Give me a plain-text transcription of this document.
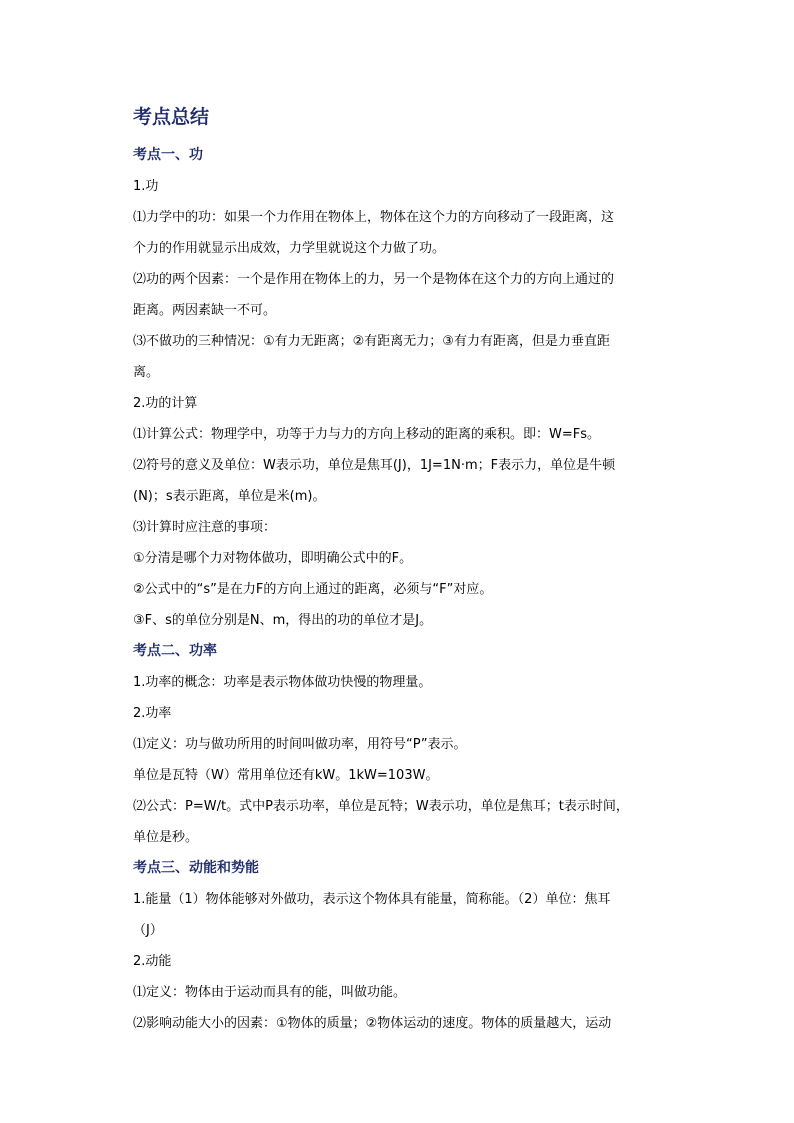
考点总结
考点一、功
1.功
⑴力学中的功：如果一个力作用在物体上，物体在这个力的方向移动了一段距离，这
个力的作用就显示出成效，力学里就说这个力做了功。
⑵功的两个因素：一个是作用在物体上的力，另一个是物体在这个力的方向上通过的
距离。两因素缺一不可。
⑶不做功的三种情况：①有力无距离；②有距离无力；③有力有距离，但是力垂直距
离。
2.功的计算
⑴计算公式：物理学中，功等于力与力的方向上移动的距离的乘积。即：W=Fs。
⑵符号的意义及单位：W表示功，单位是焦耳(J)，1J=1N·m；F表示力，单位是牛顿
(N)；s表示距离，单位是米(m)。
⑶计算时应注意的事项：
①分清是哪个力对物体做功，即明确公式中的F。
②公式中的“s”是在力F的方向上通过的距离，必须与“F”对应。
③F、s的单位分别是N、m，得出的功的单位才是J。
考点二、功率
1.功率的概念：功率是表示物体做功快慢的物理量。
2.功率
⑴定义：功与做功所用的时间叫做功率，用符号“P”表示。
单位是瓦特（W）常用单位还有kW。1kW=103W。
⑵公式：P=W/t。式中P表示功率，单位是瓦特；W表示功，单位是焦耳；t表示时间，
单位是秒。
考点三、动能和势能
1.能量（1）物体能够对外做功，表示这个物体具有能量，简称能。（2）单位：焦耳
（J）
2.动能
⑴定义：物体由于运动而具有的能，叫做功能。
⑵影响动能大小的因素：①物体的质量；②物体运动的速度。物体的质量越大，运动
